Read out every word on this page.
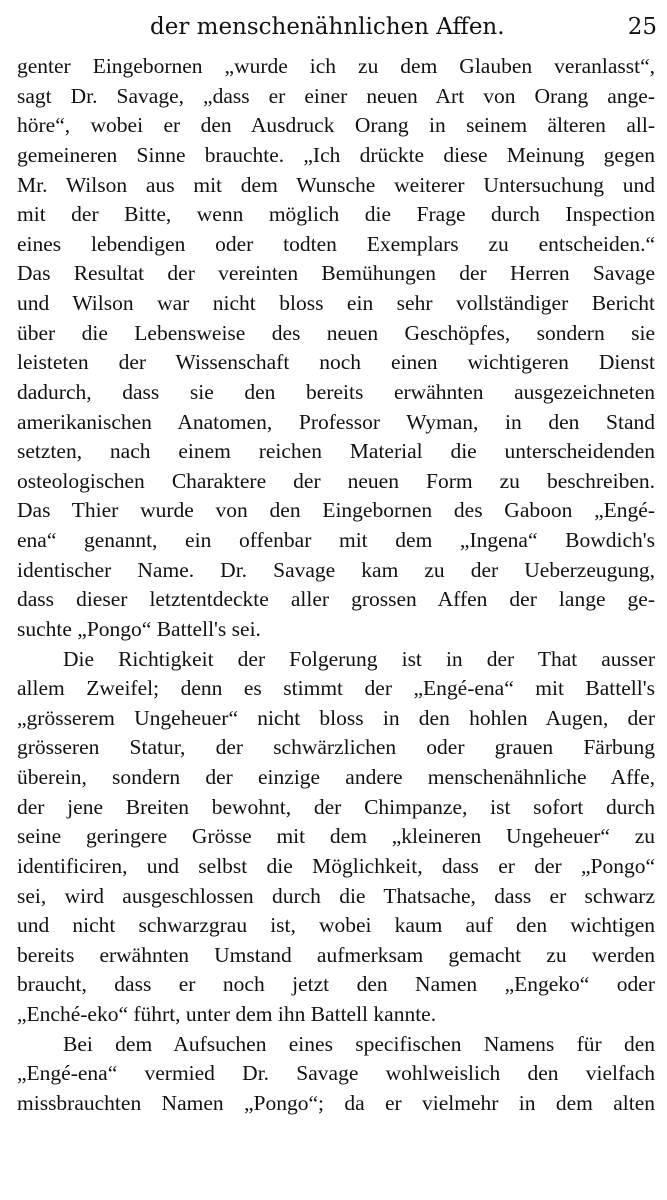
der menschenähnlichen Affen.	25
genter Eingebornen „wurde ich zu dem Glauben veranlasst“,
sagt Dr. Savage, „dass er einer neuen Art von Orang ange-
höre“, wobei er den Ausdruck Orang in seinem älteren all-
gemeineren Sinne brauchte. „Ich drückte diese Meinung gegen
Mr. Wilson aus mit dem Wunsche weiterer Untersuchung und
mit der Bitte, wenn möglich die Frage durch Inspection
eines lebendigen oder todten Exemplars zu entscheiden.“
Das Resultat der vereinten Bemühungen der Herren Savage
und Wilson war nicht bloss ein sehr vollständiger Bericht
über die Lebensweise des neuen Geschöpfes, sondern sie
leisteten der Wissenschaft noch einen wichtigeren Dienst
dadurch, dass sie den bereits erwähnten ausgezeichneten
amerikanischen Anatomen, Professor Wyman, in den Stand
setzten, nach einem reichen Material die unterscheidenden
osteologischen Charaktere der neuen Form zu beschreiben.
Das Thier wurde von den Eingebornen des Gaboon „Engé-
ena“ genannt, ein offenbar mit dem „Ingena“ Bowdich's
identischer Name. Dr. Savage kam zu der Ueberzeugung,
dass dieser letztentdeckte aller grossen Affen der lange ge-
suchte „Pongo“ Battell's sei.
Die Richtigkeit der Folgerung ist in der That ausser
allem Zweifel; denn es stimmt der „Engé-ena“ mit Battell's
„grösserem Ungeheuer“ nicht bloss in den hohlen Augen, der
grösseren Statur, der schwärzlichen oder grauen Färbung
überein, sondern der einzige andere menschenähnliche Affe,
der jene Breiten bewohnt, der Chimpanze, ist sofort durch
seine geringere Grösse mit dem „kleineren Ungeheuer“ zu
identificiren, und selbst die Möglichkeit, dass er der „Pongo“
sei, wird ausgeschlossen durch die Thatsache, dass er schwarz
und nicht schwarzgrau ist, wobei kaum auf den wichtigen
bereits erwähnten Umstand aufmerksam gemacht zu werden
braucht, dass er noch jetzt den Namen „Engeko“ oder
„Enché-eko“ führt, unter dem ihn Battell kannte.
Bei dem Aufsuchen eines specifischen Namens für den
„Engé-ena“ vermied Dr. Savage wohlweislich den vielfach
missbrauchten Namen „Pongo“; da er vielmehr in dem alten
